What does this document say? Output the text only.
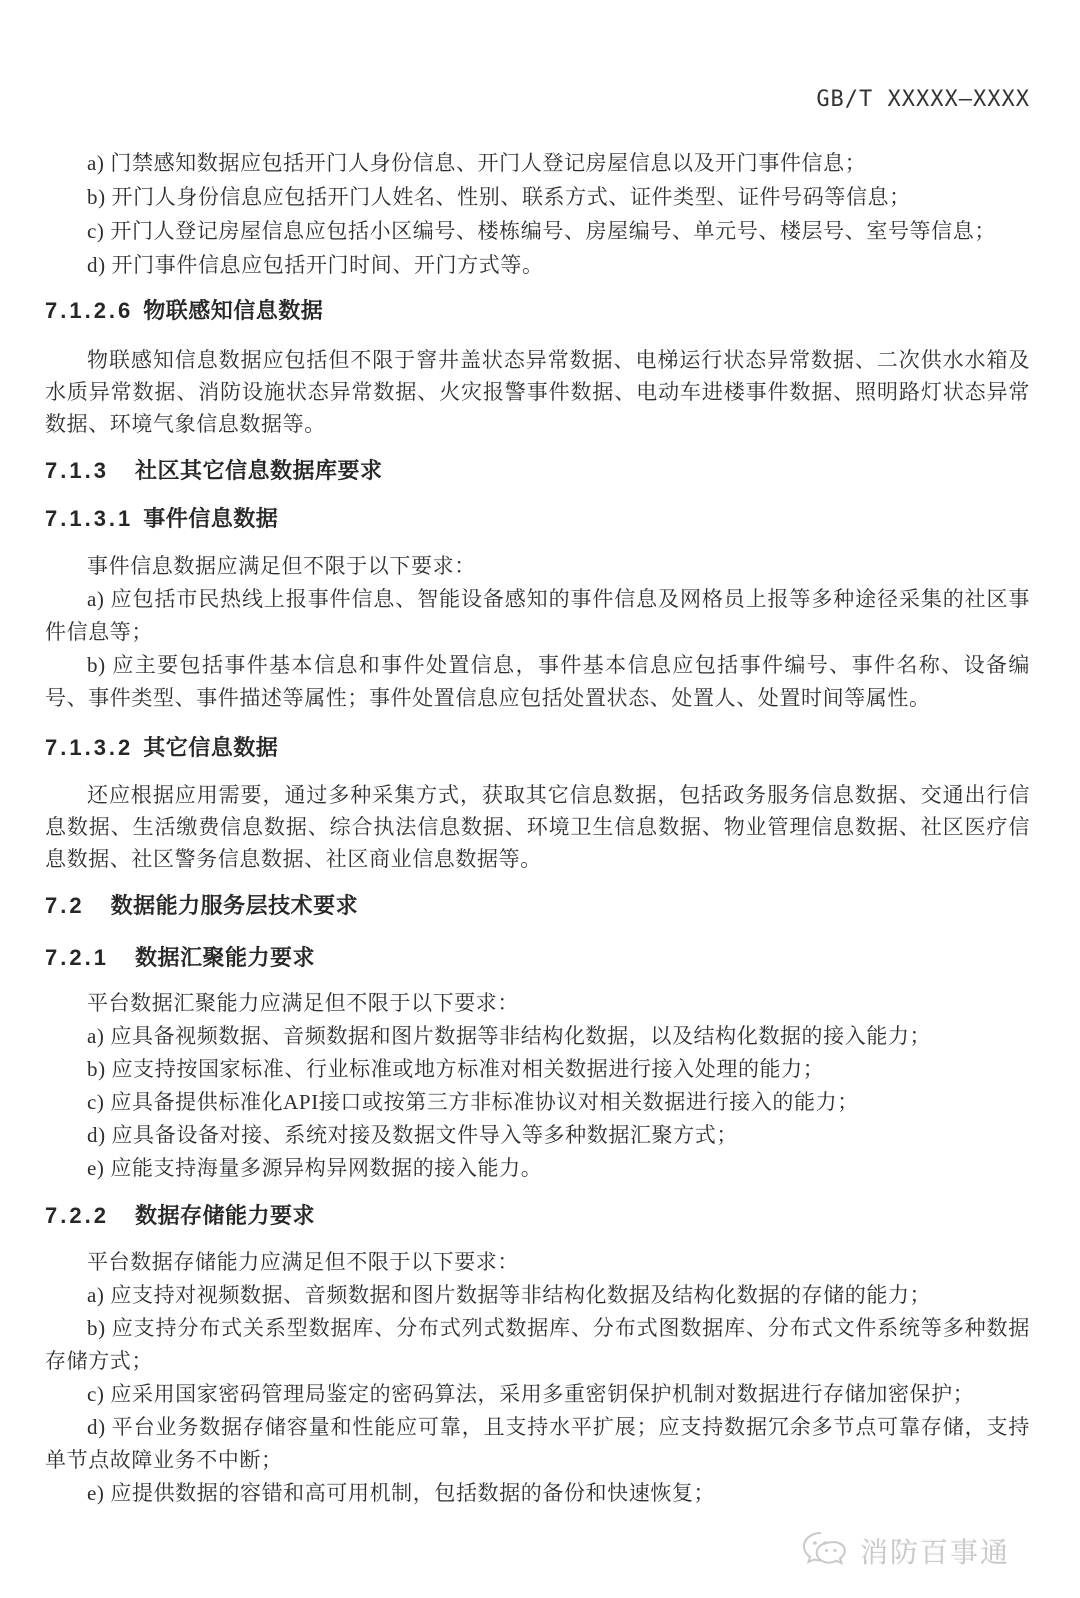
GB/T XXXXX—XXXX

a) 门禁感知数据应包括开门人身份信息、开门人登记房屋信息以及开门事件信息；

b) 开门人身份信息应包括开门人姓名、性别、联系方式、证件类型、证件号码等信息；

c) 开门人登记房屋信息应包括小区编号、楼栋编号、房屋编号、单元号、楼层号、室号等信息；

d) 开门事件信息应包括开门时间、开门方式等。

7.1.2.6 物联感知信息数据

物联感知信息数据应包括但不限于窨井盖状态异常数据、电梯运行状态异常数据、二次供水水箱及水质异常数据、消防设施状态异常数据、火灾报警事件数据、电动车进楼事件数据、照明路灯状态异常数据、环境气象信息数据等。

7.1.3 社区其它信息数据库要求
7.1.3.1 事件信息数据

事件信息数据应满足但不限于以下要求：

a) 应包括市民热线上报事件信息、智能设备感知的事件信息及网格员上报等多种途径采集的社区事件信息等；

b) 应主要包括事件基本信息和事件处置信息，事件基本信息应包括事件编号、事件名称、设备编号、事件类型、事件描述等属性；事件处置信息应包括处置状态、处置人、处置时间等属性。

7.1.3.2 其它信息数据

还应根据应用需要，通过多种采集方式，获取其它信息数据，包括政务服务信息数据、交通出行信息数据、生活缴费信息数据、综合执法信息数据、环境卫生信息数据、物业管理信息数据、社区医疗信息数据、社区警务信息数据、社区商业信息数据等。

7.2 数据能力服务层技术要求
7.2.1 数据汇聚能力要求

平台数据汇聚能力应满足但不限于以下要求：

a) 应具备视频数据、音频数据和图片数据等非结构化数据，以及结构化数据的接入能力；

b) 应支持按国家标准、行业标准或地方标准对相关数据进行接入处理的能力；

c) 应具备提供标准化API接口或按第三方非标准协议对相关数据进行接入的能力；

d) 应具备设备对接、系统对接及数据文件导入等多种数据汇聚方式；

e) 应能支持海量多源异构异网数据的接入能力。

7.2.2 数据存储能力要求

平台数据存储能力应满足但不限于以下要求：

a) 应支持对视频数据、音频数据和图片数据等非结构化数据及结构化数据的存储的能力；

b) 应支持分布式关系型数据库、分布式列式数据库、分布式图数据库、分布式文件系统等多种数据存储方式；

c) 应采用国家密码管理局鉴定的密码算法，采用多重密钥保护机制对数据进行存储加密保护；

d) 平台业务数据存储容量和性能应可靠，且支持水平扩展；应支持数据冗余多节点可靠存储，支持单节点故障业务不中断；

e) 应提供数据的容错和高可用机制，包括数据的备份和快速恢复；

消防百事通
